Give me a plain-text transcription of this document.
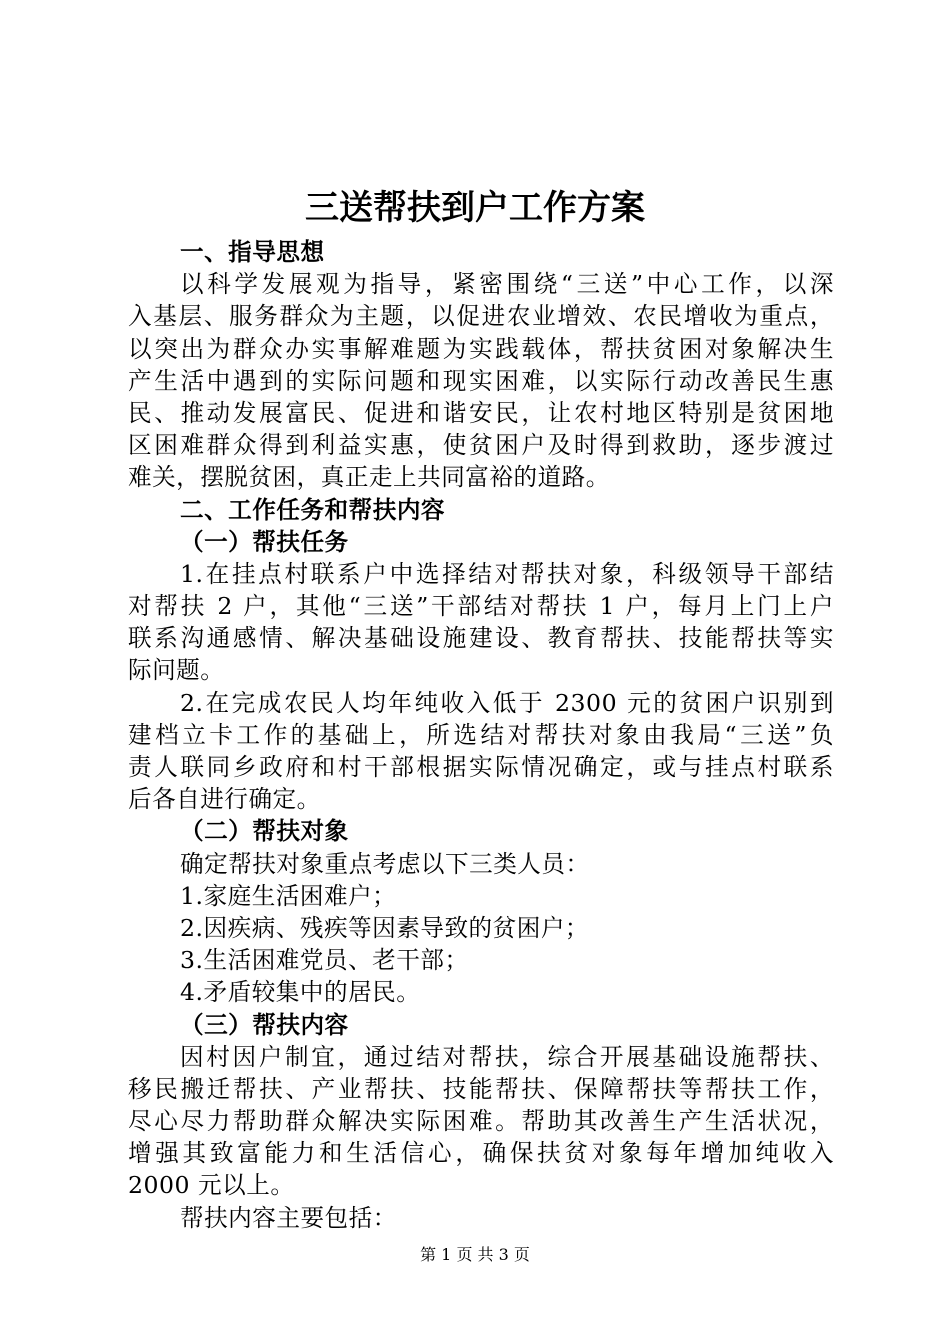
三送帮扶到户工作方案
一、指导思想
以科学发展观为指导，紧密围绕“三送”中心工作，以深
入基层、服务群众为主题，以促进农业增效、农民增收为重点，
以突出为群众办实事解难题为实践载体，帮扶贫困对象解决生
产生活中遇到的实际问题和现实困难，以实际行动改善民生惠
民、推动发展富民、促进和谐安民，让农村地区特别是贫困地
区困难群众得到利益实惠，使贫困户及时得到救助，逐步渡过
难关，摆脱贫困，真正走上共同富裕的道路。
二、工作任务和帮扶内容
（一）帮扶任务
1.在挂点村联系户中选择结对帮扶对象，科级领导干部结
对帮扶 2 户，其他“三送”干部结对帮扶 1 户，每月上门上户
联系沟通感情、解决基础设施建设、教育帮扶、技能帮扶等实
际问题。
2.在完成农民人均年纯收入低于 2300 元的贫困户识别到
建档立卡工作的基础上，所选结对帮扶对象由我局“三送”负
责人联同乡政府和村干部根据实际情况确定，或与挂点村联系
后各自进行确定。
（二）帮扶对象
确定帮扶对象重点考虑以下三类人员：
1.家庭生活困难户；
2.因疾病、残疾等因素导致的贫困户；
3.生活困难党员、老干部；
4.矛盾较集中的居民。
（三）帮扶内容
因村因户制宜，通过结对帮扶，综合开展基础设施帮扶、
移民搬迁帮扶、产业帮扶、技能帮扶、保障帮扶等帮扶工作，
尽心尽力帮助群众解决实际困难。帮助其改善生产生活状况，
增强其致富能力和生活信心，确保扶贫对象每年增加纯收入
2000 元以上。
帮扶内容主要包括：
第 1 页 共 3 页
